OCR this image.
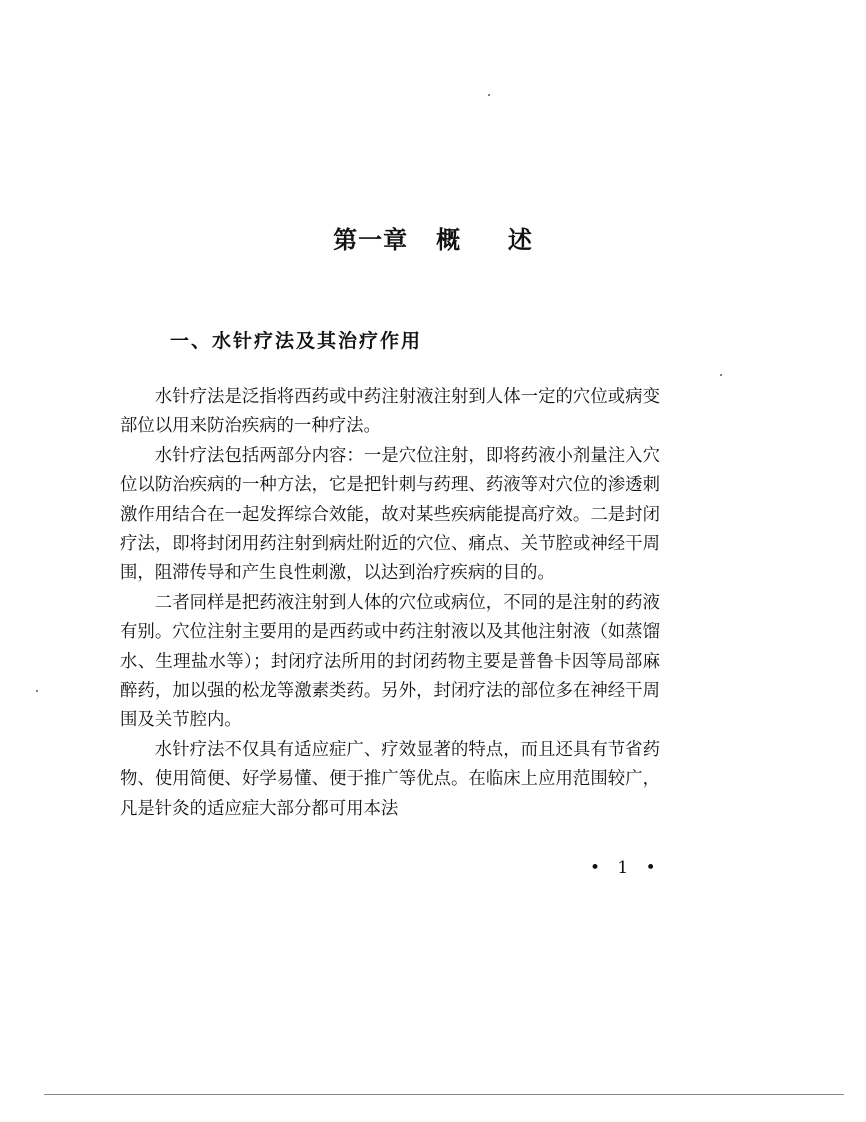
第一章   概     述
一、水针疗法及其治疗作用

水针疗法是泛指将西药或中药注射液注射到人体一定的穴位或病变部位以用来防治疾病的一种疗法。

水针疗法包括两部分内容：一是穴位注射，即将药液小剂量注入穴位以防治疾病的一种方法，它是把针刺与药理、药液等对穴位的渗透刺激作用结合在一起发挥综合效能，故对某些疾病能提高疗效。二是封闭疗法，即将封闭用药注射到病灶附近的穴位、痛点、关节腔或神经干周围，阻滞传导和产生良性刺激，以达到治疗疾病的目的。

二者同样是把药液注射到人体的穴位或病位，不同的是注射的药液有别。穴位注射主要用的是西药或中药注射液以及其他注射液（如蒸馏水、生理盐水等）；封闭疗法所用的封闭药物主要是普鲁卡因等局部麻醉药，加以强的松龙等激素类药。另外，封闭疗法的部位多在神经干周围及关节腔内。

水针疗法不仅具有适应症广、疗效显著的特点，而且还具有节省药物、使用简便、好学易懂、便于推广等优点。在临床上应用范围较广，凡是针灸的适应症大部分都可用本法

• 1 •
